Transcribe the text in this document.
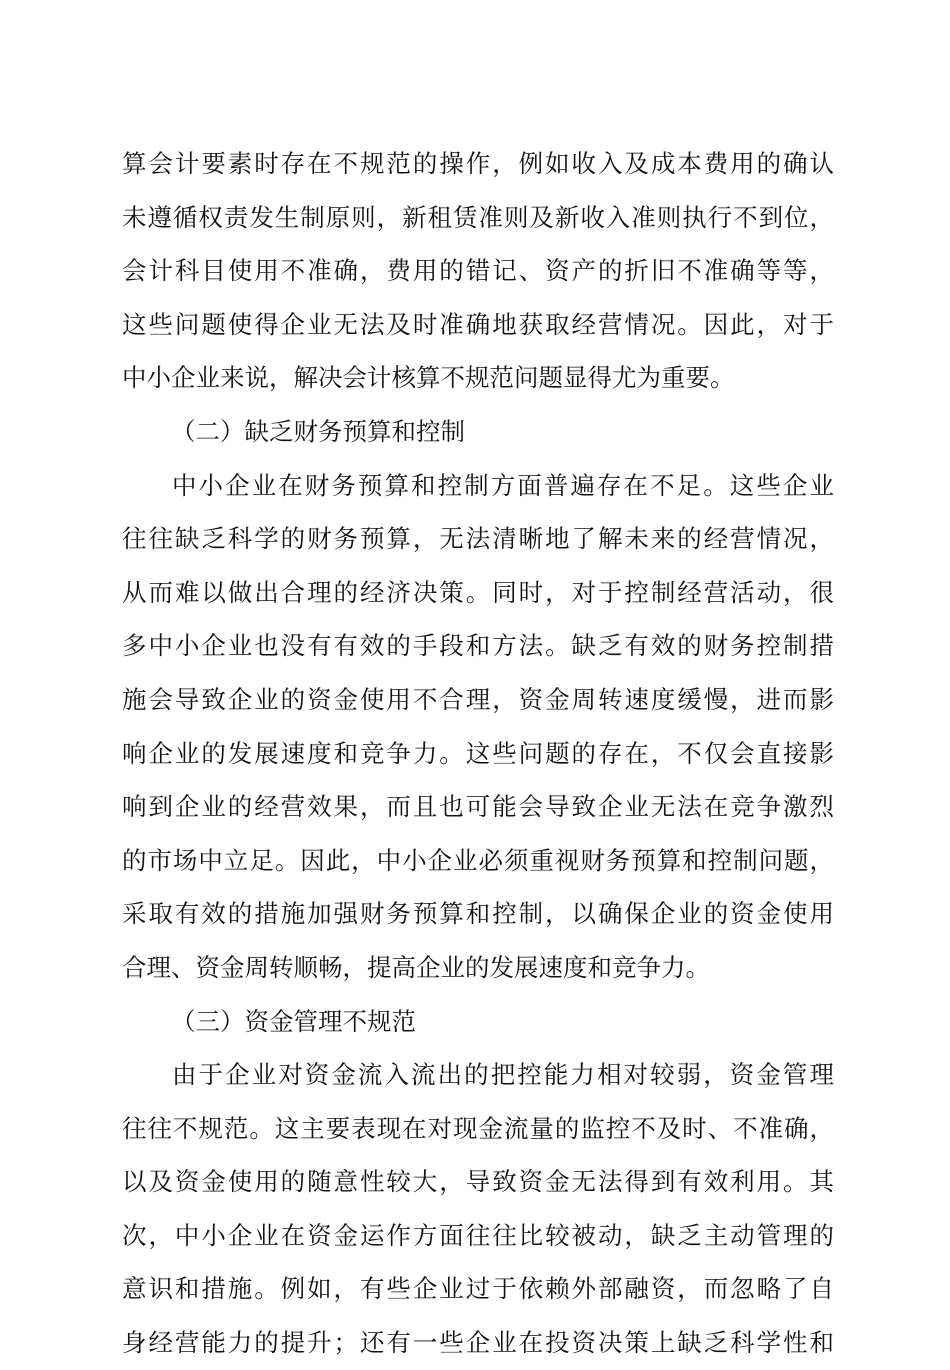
算会计要素时存在不规范的操作，例如收入及成本费用的确认
未遵循权责发生制原则，新租赁准则及新收入准则执行不到位，
会计科目使用不准确，费用的错记、资产的折旧不准确等等，
这些问题使得企业无法及时准确地获取经营情况。因此，对于
中小企业来说，解决会计核算不规范问题显得尤为重要。
（二）缺乏财务预算和控制
中小企业在财务预算和控制方面普遍存在不足。这些企业
往往缺乏科学的财务预算，无法清晰地了解未来的经营情况，
从而难以做出合理的经济决策。同时，对于控制经营活动，很
多中小企业也没有有效的手段和方法。缺乏有效的财务控制措
施会导致企业的资金使用不合理，资金周转速度缓慢，进而影
响企业的发展速度和竞争力。这些问题的存在，不仅会直接影
响到企业的经营效果，而且也可能会导致企业无法在竞争激烈
的市场中立足。因此，中小企业必须重视财务预算和控制问题，
采取有效的措施加强财务预算和控制，以确保企业的资金使用
合理、资金周转顺畅，提高企业的发展速度和竞争力。
（三）资金管理不规范
由于企业对资金流入流出的把控能力相对较弱，资金管理
往往不规范。这主要表现在对现金流量的监控不及时、不准确，
以及资金使用的随意性较大，导致资金无法得到有效利用。其
次，中小企业在资金运作方面往往比较被动，缺乏主动管理的
意识和措施。例如，有些企业过于依赖外部融资，而忽略了自
身经营能力的提升；还有一些企业在投资决策上缺乏科学性和
